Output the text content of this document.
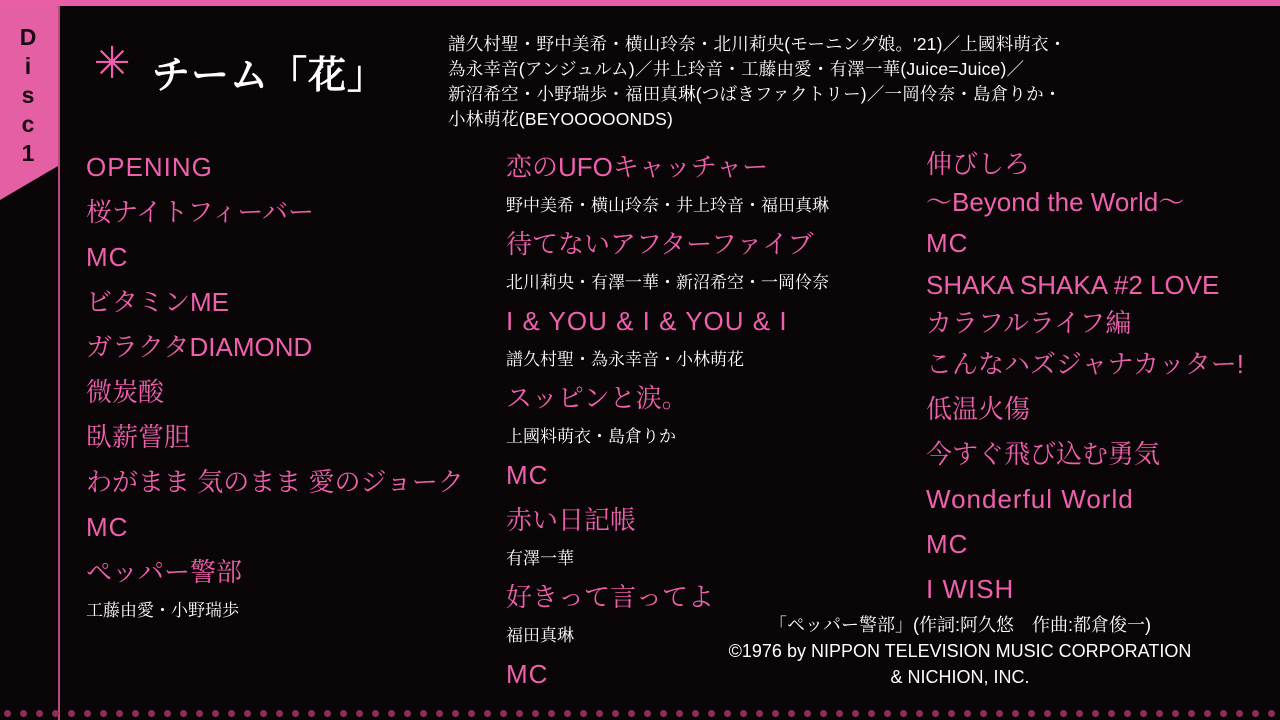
Disc1 ✳ チーム「花」
譜久村聖・野中美希・横山玲奈・北川莉央(モーニング娘。'21)／上國料萌衣・
為永幸音(アンジュルム)／井上玲音・工藤由愛・有澤一華(Juice=Juice)／
新沼希空・小野瑞歩・福田真琳(つばきファクトリー)／一岡伶奈・島倉りか・
小林萌花(BEYOOOOONDS)
OPENING
桜ナイトフィーバー
MC
ビタミンME
ガラクタDIAMOND
微炭酸
臥薪嘗胆
わがまま 気のまま 愛のジョーク
MC
ペッパー警部
工藤由愛・小野瑞歩
恋のUFOキャッチャー
野中美希・横山玲奈・井上玲音・福田真琳
待てないアフターファイブ
北川莉央・有澤一華・新沼希空・一岡伶奈
I & YOU & I & YOU & I
譜久村聖・為永幸音・小林萌花
スッピンと涙。
上國料萌衣・島倉りか
MC
赤い日記帳
有澤一華
好きって言ってよ
福田真琳
MC
伸びしろ
〜Beyond the World〜
MC
SHAKA SHAKA #2 LOVE
カラフルライフ編
こんなハズジャナカッター!
低温火傷
今すぐ飛び込む勇気
Wonderful World
MC
I WISH
「ペッパー警部」(作詞:阿久悠　作曲:都倉俊一)
©1976 by NIPPON TELEVISION MUSIC CORPORATION
& NICHION, INC.
